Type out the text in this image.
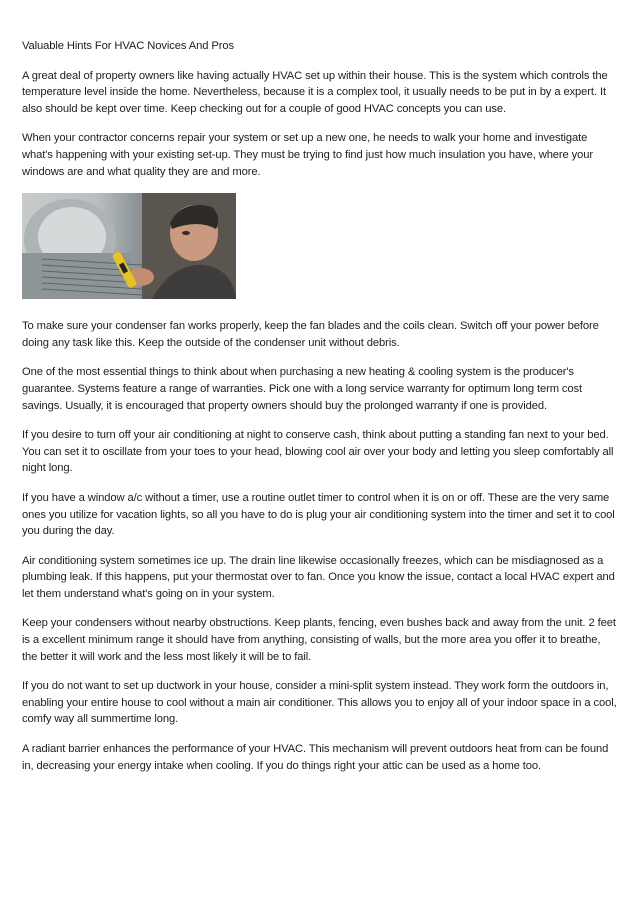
Valuable Hints For HVAC Novices And Pros

A great deal of property owners like having actually HVAC set up within their house. This is the system which controls the temperature level inside the home. Nevertheless, because it is a complex tool, it usually needs to be put in by a expert. It also should be kept over time. Keep checking out for a couple of good HVAC concepts you can use.

When your contractor concerns repair your system or set up a new one, he needs to walk your home and investigate what's happening with your existing set-up. They must be trying to find just how much insulation you have, where your windows are and what quality they are and more.

To make sure your condenser fan works properly, keep the fan blades and the coils clean. Switch off your power before doing any task like this. Keep the outside of the condenser unit without debris.

One of the most essential things to think about when purchasing a new heating & cooling system is the producer's guarantee. Systems feature a range of warranties. Pick one with a long service warranty for optimum long term cost savings. Usually, it is encouraged that property owners should buy the prolonged warranty if one is provided.

If you desire to turn off your air conditioning at night to conserve cash, think about putting a standing fan next to your bed. You can set it to oscillate from your toes to your head, blowing cool air over your body and letting you sleep comfortably all night long.

If you have a window a/c without a timer, use a routine outlet timer to control when it is on or off. These are the very same ones you utilize for vacation lights, so all you have to do is plug your air conditioning system into the timer and set it to cool you during the day.

Air conditioning system sometimes ice up. The drain line likewise occasionally freezes, which can be misdiagnosed as a plumbing leak. If this happens, put your thermostat over to fan. Once you know the issue, contact a local HVAC expert and let them understand what's going on in your system.

Keep your condensers without nearby obstructions. Keep plants, fencing, even bushes back and away from the unit. 2 feet is a excellent minimum range it should have from anything, consisting of walls, but the more area you offer it to breathe, the better it will work and the less most likely it will be to fail.

If you do not want to set up ductwork in your house, consider a mini-split system instead. They work form the outdoors in, enabling your entire house to cool without a main air conditioner. This allows you to enjoy all of your indoor space in a cool, comfy way all summertime long.

A radiant barrier enhances the performance of your HVAC. This mechanism will prevent outdoors heat from can be found in, decreasing your energy intake when cooling. If you do things right your attic can be used as a home too.
